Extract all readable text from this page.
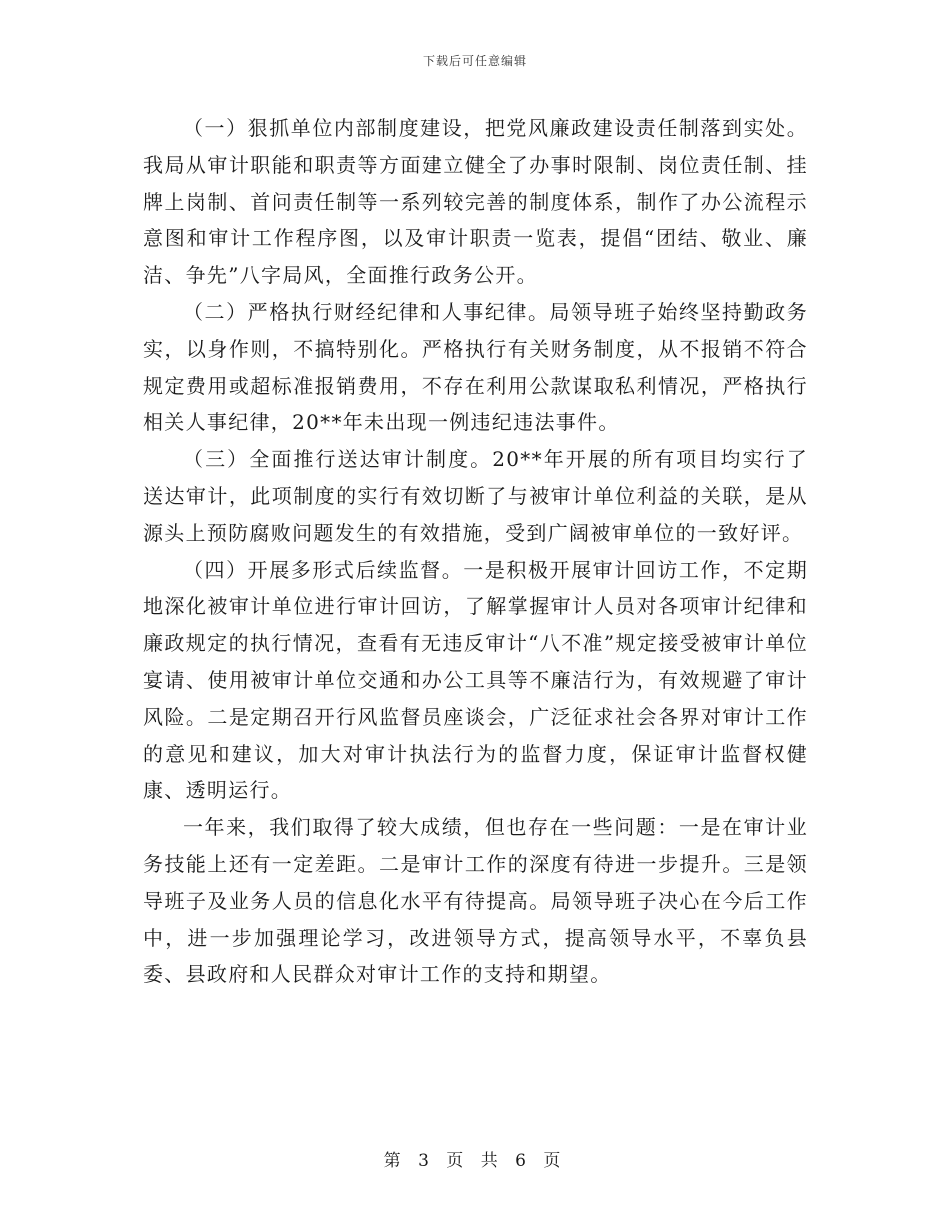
下载后可任意编辑

（一）狠抓单位内部制度建设，把党风廉政建设责任制落到实处。我局从审计职能和职责等方面建立健全了办事时限制、岗位责任制、挂牌上岗制、首问责任制等一系列较完善的制度体系，制作了办公流程示意图和审计工作程序图，以及审计职责一览表，提倡“团结、敬业、廉洁、争先”八字局风，全面推行政务公开。

（二）严格执行财经纪律和人事纪律。局领导班子始终坚持勤政务实，以身作则，不搞特别化。严格执行有关财务制度，从不报销不符合规定费用或超标准报销费用，不存在利用公款谋取私利情况，严格执行相关人事纪律，20**年未出现一例违纪违法事件。

（三）全面推行送达审计制度。20**年开展的所有项目均实行了送达审计，此项制度的实行有效切断了与被审计单位利益的关联，是从源头上预防腐败问题发生的有效措施，受到广阔被审单位的一致好评。

（四）开展多形式后续监督。一是积极开展审计回访工作，不定期地深化被审计单位进行审计回访，了解掌握审计人员对各项审计纪律和廉政规定的执行情况，查看有无违反审计“八不准”规定接受被审计单位宴请、使用被审计单位交通和办公工具等不廉洁行为，有效规避了审计风险。二是定期召开行风监督员座谈会，广泛征求社会各界对审计工作的意见和建议，加大对审计执法行为的监督力度，保证审计监督权健康、透明运行。

一年来，我们取得了较大成绩，但也存在一些问题：一是在审计业务技能上还有一定差距。二是审计工作的深度有待进一步提升。三是领导班子及业务人员的信息化水平有待提高。局领导班子决心在今后工作中，进一步加强理论学习，改进领导方式，提高领导水平，不辜负县委、县政府和人民群众对审计工作的支持和期望。

第 3 页 共 6 页
